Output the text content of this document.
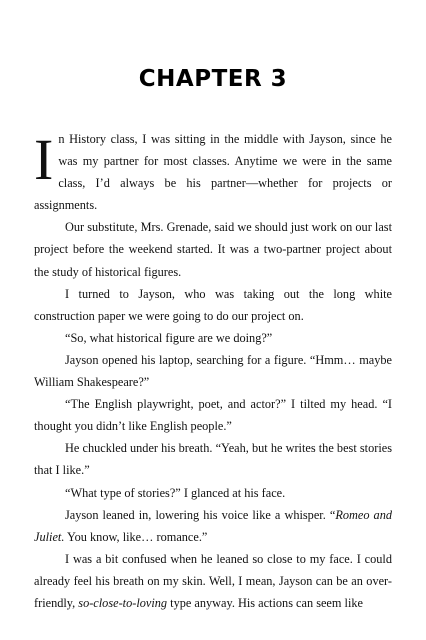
CHAPTER 3

In History class, I was sitting in the middle with Jayson, since he was my partner for most classes. Anytime we were in the same class, I’d always be his partner—whether for projects or assignments.

Our substitute, Mrs. Grenade, said we should just work on our last project before the weekend started. It was a two-partner project about the study of historical figures.

I turned to Jayson, who was taking out the long white construction paper we were going to do our project on.

“So, what historical figure are we doing?”

Jayson opened his laptop, searching for a figure. “Hmm… maybe William Shakespeare?”

“The English playwright, poet, and actor?” I tilted my head. “I thought you didn’t like English people.”

He chuckled under his breath. “Yeah, but he writes the best stories that I like.”

“What type of stories?” I glanced at his face.

Jayson leaned in, lowering his voice like a whisper. “Romeo and Juliet. You know, like… romance.”

I was a bit confused when he leaned so close to my face. I could already feel his breath on my skin. Well, I mean, Jayson can be an over-friendly, so-close-to-loving type anyway. His actions can seem like
